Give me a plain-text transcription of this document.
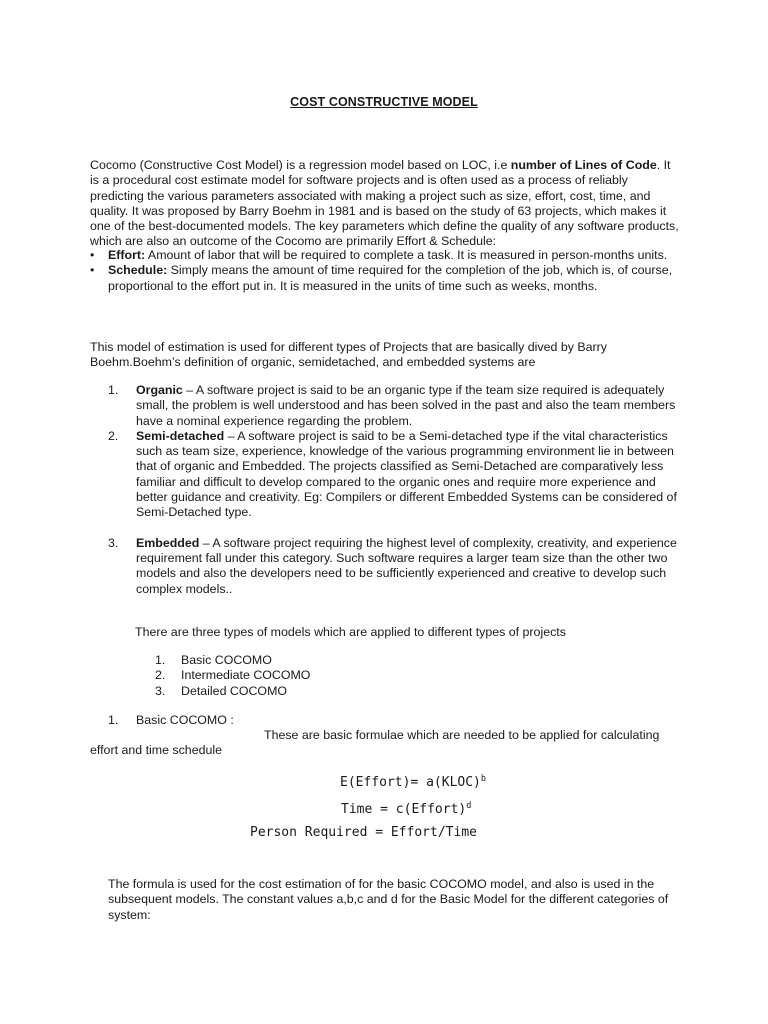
COST CONSTRUCTIVE MODEL

Cocomo (Constructive Cost Model) is a regression model based on LOC, i.e number of Lines of Code. It is a procedural cost estimate model for software projects and is often used as a process of reliably predicting the various parameters associated with making a project such as size, effort, cost, time, and quality. It was proposed by Barry Boehm in 1981 and is based on the study of 63 projects, which makes it one of the best-documented models. The key parameters which define the quality of any software products, which are also an outcome of the Cocomo are primarily Effort & Schedule:

• Effort: Amount of labor that will be required to complete a task. It is measured in person-months units.
• Schedule: Simply means the amount of time required for the completion of the job, which is, of course, proportional to the effort put in. It is measured in the units of time such as weeks, months.

This model of estimation is used for different types of Projects that are basically dived by Barry Boehm.Boehm’s definition of organic, semidetached, and embedded systems are

1. Organic – A software project is said to be an organic type if the team size required is adequately small, the problem is well understood and has been solved in the past and also the team members have a nominal experience regarding the problem.
2. Semi-detached – A software project is said to be a Semi-detached type if the vital characteristics such as team size, experience, knowledge of the various programming environment lie in between that of organic and Embedded. The projects classified as Semi-Detached are comparatively less familiar and difficult to develop compared to the organic ones and require more experience and better guidance and creativity. Eg: Compilers or different Embedded Systems can be considered of Semi-Detached type.
3. Embedded – A software project requiring the highest level of complexity, creativity, and experience requirement fall under this category. Such software requires a larger team size than the other two models and also the developers need to be sufficiently experienced and creative to develop such complex models..
There are three types of models which are applied to different types of projects
1. Basic COCOMO
2. Intermediate COCOMO
3. Detailed COCOMO
1. Basic COCOMO :
These are basic formulae which are needed to be applied for calculating
effort and time schedule
E(Effort)= a(KLOC)$^b$
Time = c(Effort)$^d$
Person Required = Effort/Time

The formula is used for the cost estimation of for the basic COCOMO model, and also is used in the subsequent models. The constant values a,b,c and d for the Basic Model for the different categories of system:
